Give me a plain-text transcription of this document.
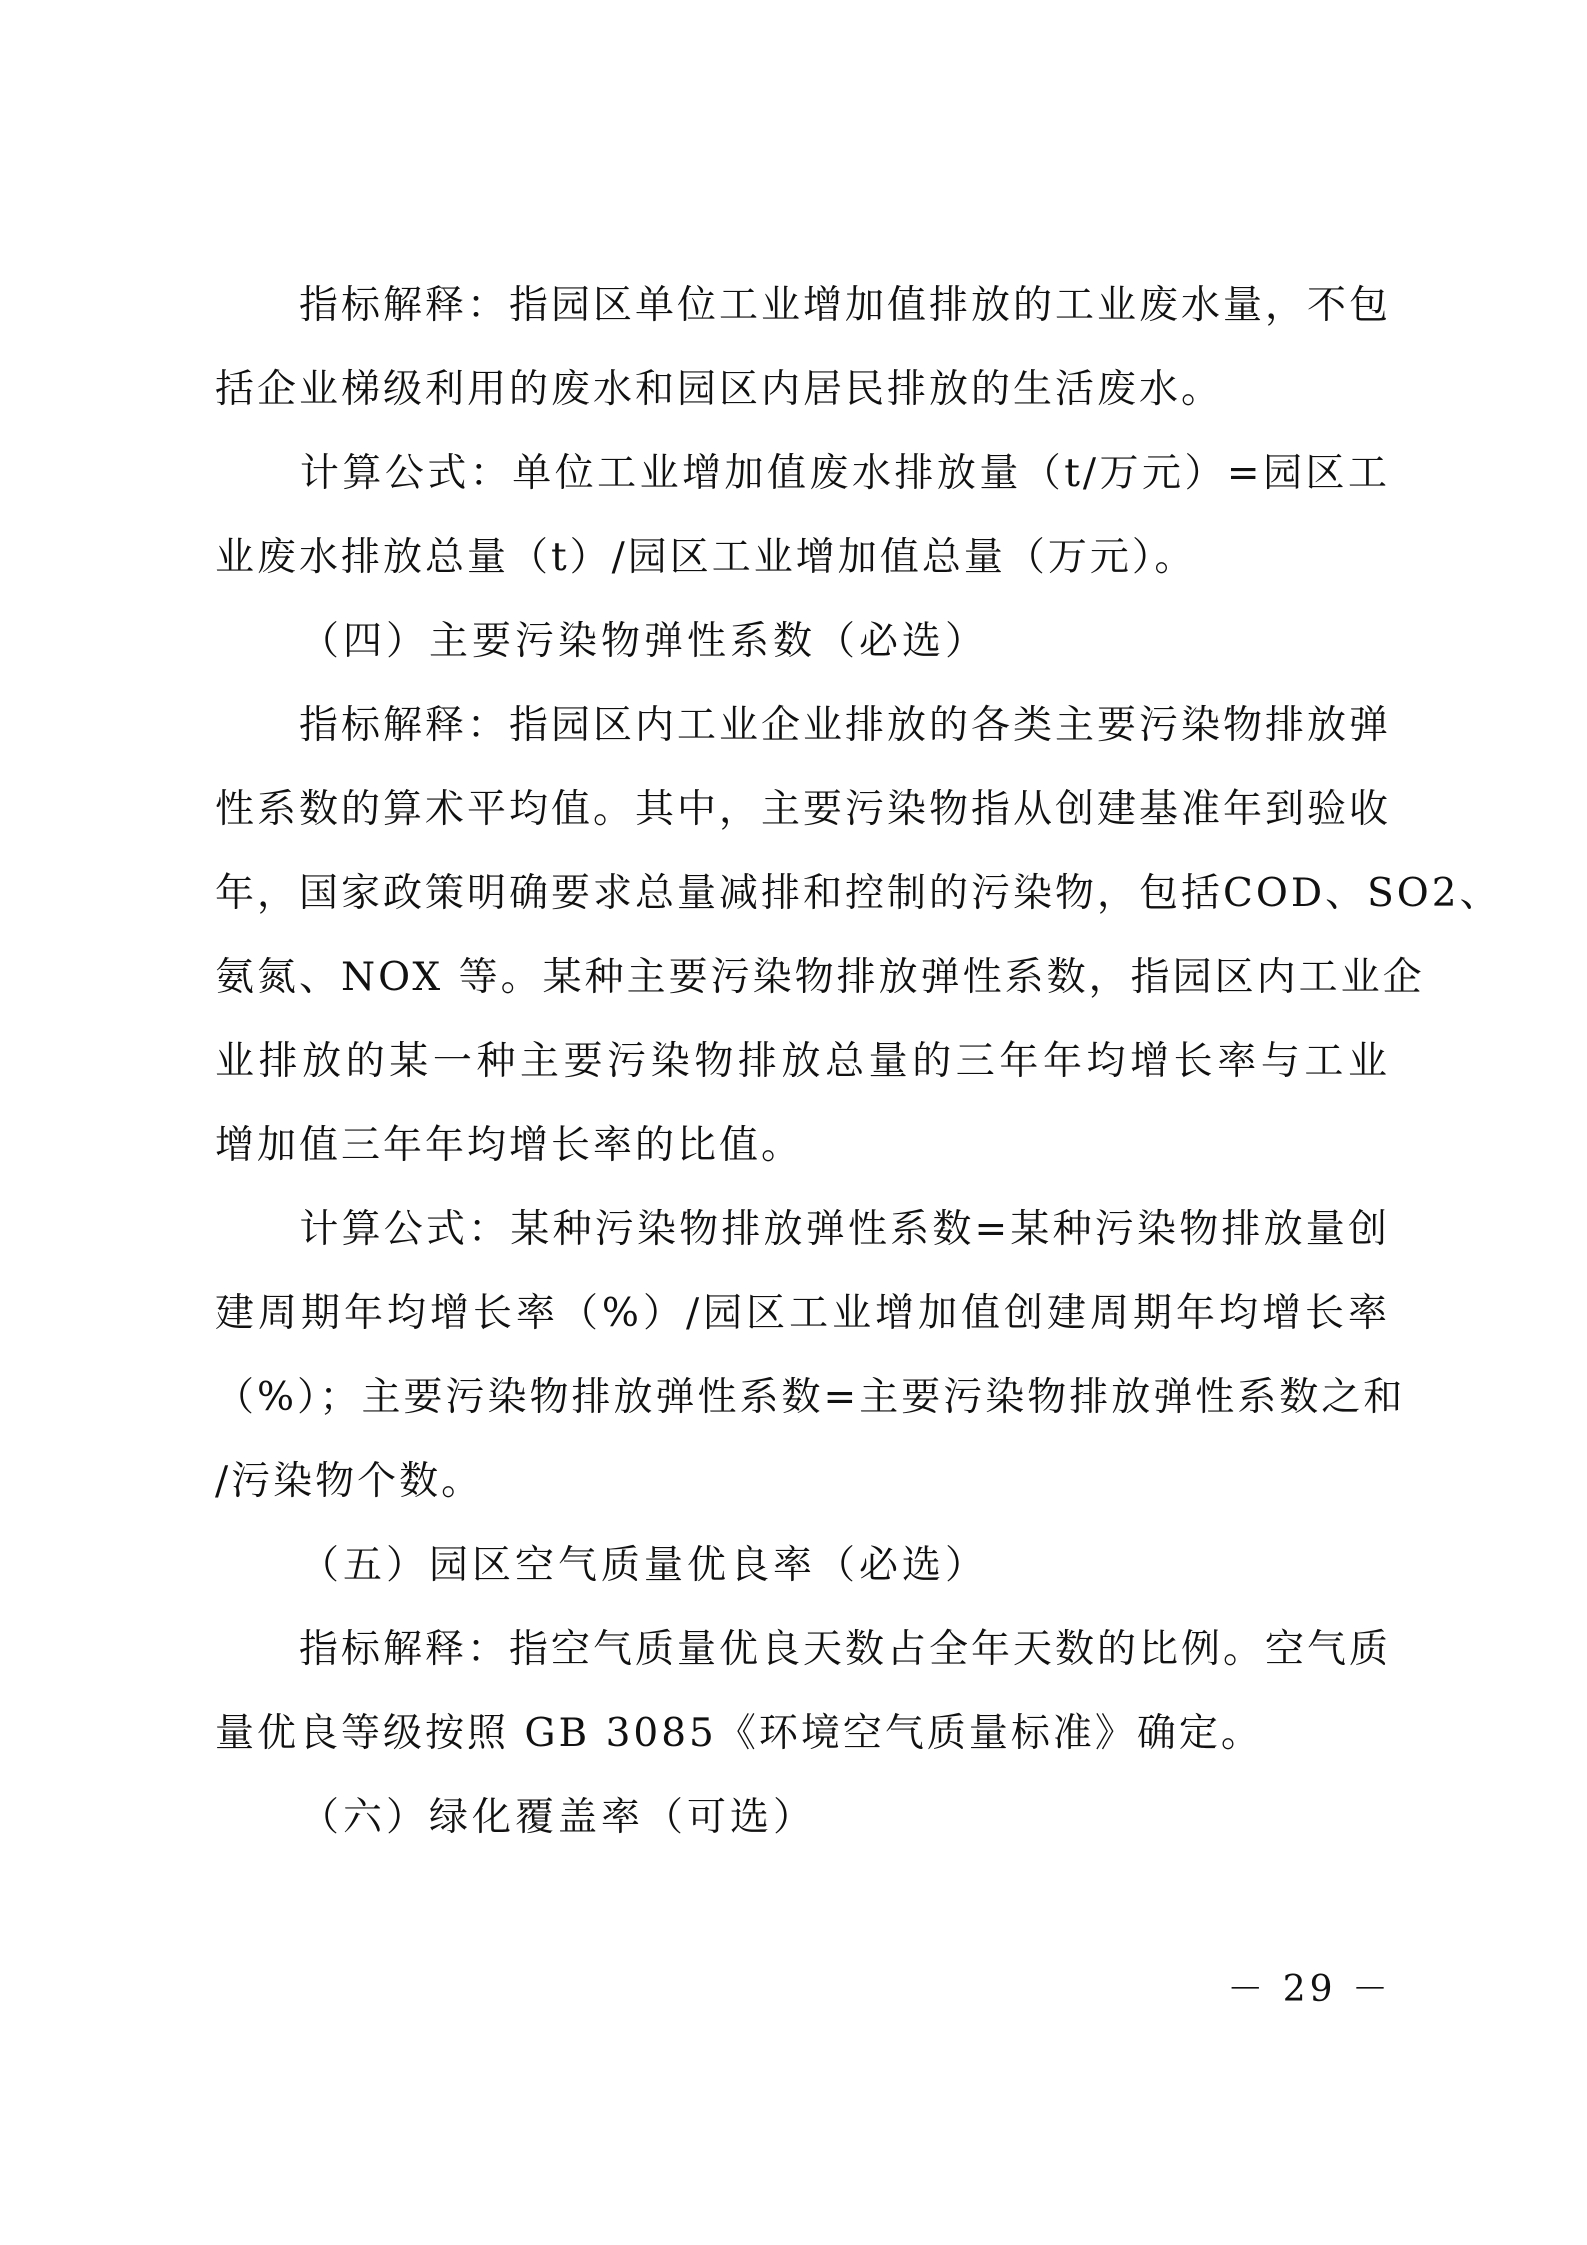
　　指标解释：指园区单位工业增加值排放的工业废水量，不包
括企业梯级利用的废水和园区内居民排放的生活废水。
　　计算公式：单位工业增加值废水排放量（t/万元）=园区工
业废水排放总量（t）/园区工业增加值总量（万元）。
（四）主要污染物弹性系数（必选）
　　指标解释：指园区内工业企业排放的各类主要污染物排放弹
性系数的算术平均值。其中，主要污染物指从创建基准年到验收
年，国家政策明确要求总量减排和控制的污染物，包括COD、SO2、
氨氮、NOX 等。某种主要污染物排放弹性系数，指园区内工业企
业排放的某一种主要污染物排放总量的三年年均增长率与工业
增加值三年年均增长率的比值。
　　计算公式：某种污染物排放弹性系数=某种污染物排放量创
建周期年均增长率（%）/园区工业增加值创建周期年均增长率
（%）；主要污染物排放弹性系数=主要污染物排放弹性系数之和
/污染物个数。
（五）园区空气质量优良率（必选）
　　指标解释：指空气质量优良天数占全年天数的比例。空气质
量优良等级按照 GB 3085《环境空气质量标准》确定。
（六）绿化覆盖率（可选）
－ 29 －
